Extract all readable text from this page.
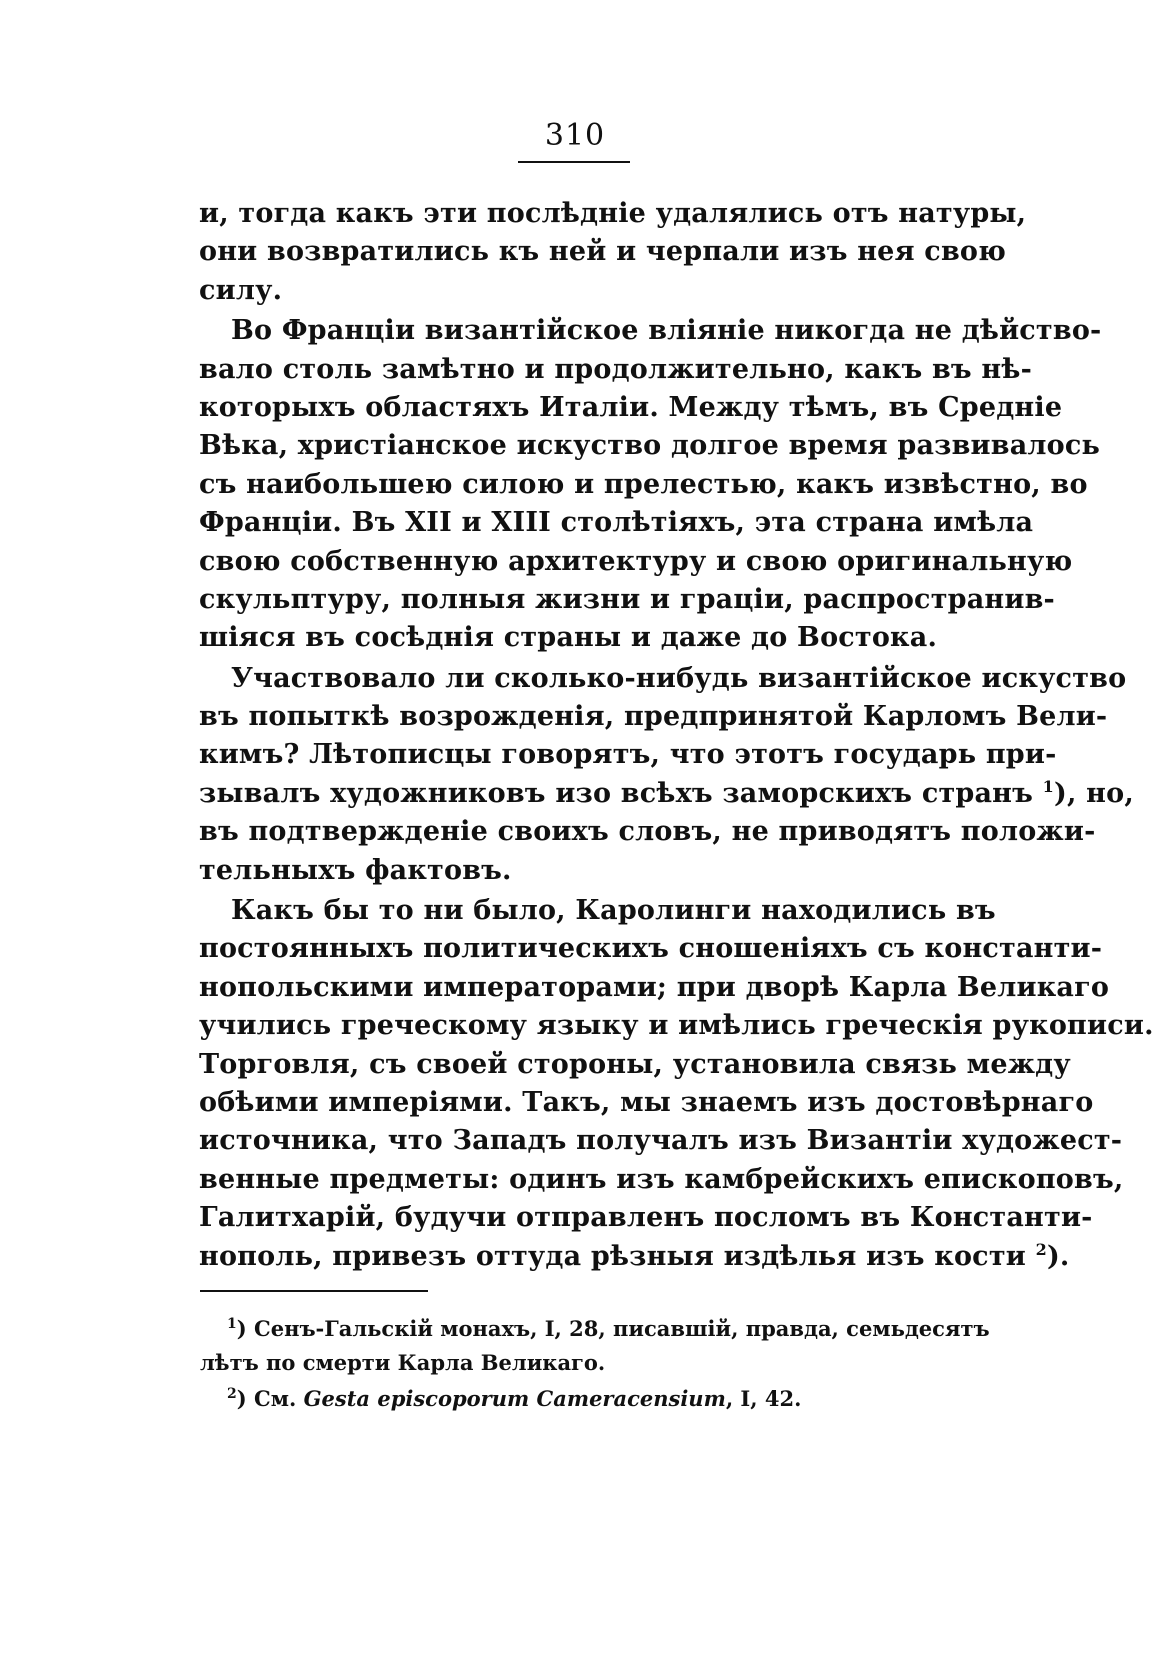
310
и, тогда какъ эти послѣдніе удалялись отъ натуры,
они возвратились къ ней и черпали изъ нея свою
силу.
Во Франціи византійское вліяніе никогда не дѣйство-
вало столь замѣтно и продолжительно, какъ въ нѣ-
которыхъ областяхъ Италіи. Между тѣмъ, въ Средніе
Вѣка, христіанское искуство долгое время развивалось
съ наибольшею силою и прелестью, какъ извѣстно, во
Франціи. Въ XII и XIII столѣтіяхъ, эта страна имѣла
свою собственную архитектуру и свою оригинальную
скульптуру, полныя жизни и граціи, распространив-
шіяся въ сосѣднія страны и даже до Востока.
Участвовало ли сколько-нибудь византійское искуство
въ попыткѣ возрожденія, предпринятой Карломъ Вели-
кимъ? Лѣтописцы говорятъ, что этотъ государь при-
зывалъ художниковъ изо всѣхъ заморскихъ странъ $^1$), но,
въ подтвержденіе своихъ словъ, не приводятъ положи-
тельныхъ фактовъ.
Какъ бы то ни было, Каролинги находились въ
постоянныхъ политическихъ сношеніяхъ съ константи-
нопольскими императорами; при дворѣ Карла Великаго
учились греческому языку и имѣлись греческія рукописи.
Торговля, съ своей стороны, установила связь между
обѣими имперіями. Такъ, мы знаемъ изъ достовѣрнаго
источника, что Западъ получалъ изъ Византіи художест-
венные предметы: одинъ изъ камбрейскихъ епископовъ,
Галитхарій, будучи отправленъ посломъ въ Константи-
нополь, привезъ оттуда рѣзныя издѣлья изъ кости $^2$).
$^1$) Сенъ-Гальскій монахъ, I, 28, писавшій, правда, семьдесятъ
лѣтъ по смерти Карла Великаго.
$^2$) См. Gesta episcoporum Cameracensium, I, 42.
